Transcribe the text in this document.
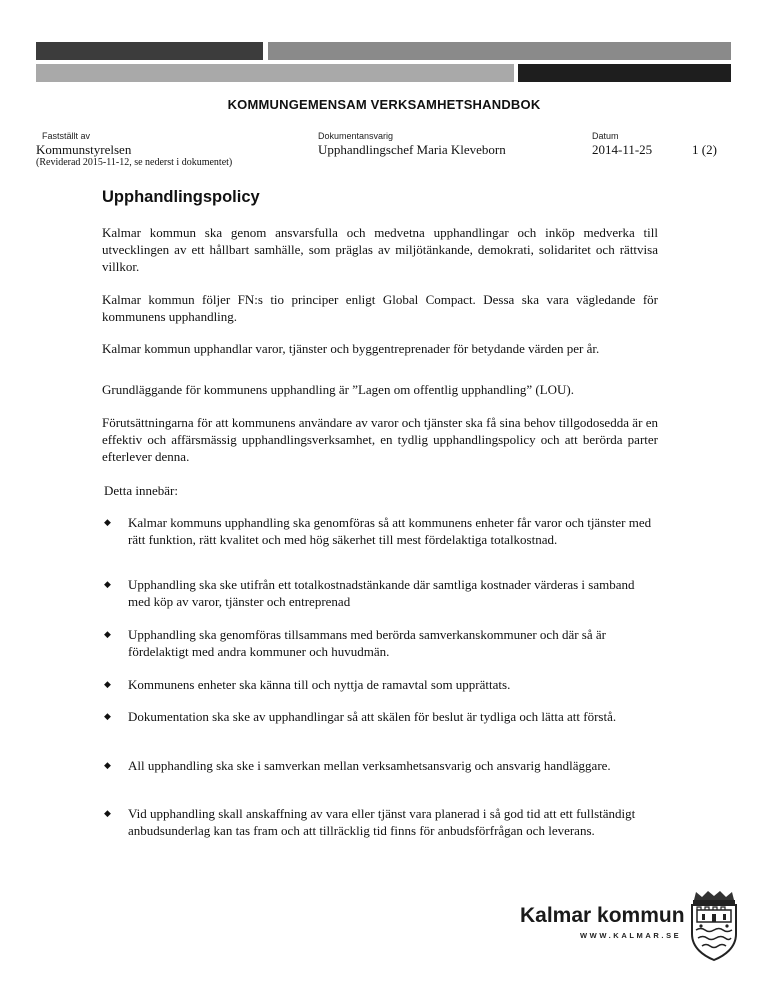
KOMMUNGEMENSAM VERKSAMHETSHANDBOK
Fastställt av
Kommunstyrelsen
(Reviderad 2015-11-12, se nederst i dokumentet)
Dokumentansvarig
Upphandlingschef Maria Kleveborn
Datum
2014-11-25	1 (2)
Upphandlingspolicy

Kalmar kommun ska genom ansvarsfulla och medvetna upphandlingar och inköp medverka till utvecklingen av ett hållbart samhälle, som präglas av miljötänkande, demokrati, solidaritet och rättvisa villkor.

Kalmar kommun följer FN:s tio principer enligt Global Compact. Dessa ska vara vägledande för kommunens upphandling.

Kalmar kommun upphandlar varor, tjänster och byggentreprenader för betydande värden per år.

Grundläggande för kommunens upphandling är ”Lagen om offentlig upphandling” (LOU).

Förutsättningarna för att kommunens användare av varor och tjänster ska få sina behov tillgodosedda är en effektiv och affärsmässig upphandlingsverksamhet, en tydlig upphandlingspolicy och att berörda parter efterlever denna.

Detta innebär:

◆ Kalmar kommuns upphandling ska genomföras så att kommunens enheter får varor och tjänster med rätt funktion, rätt kvalitet och med hög säkerhet till mest fördelaktiga totalkostnad.
◆ Upphandling ska ske utifrån ett totalkostnadstänkande där samtliga kostnader värderas i samband med köp av varor, tjänster och entreprenad
◆ Upphandling ska genomföras tillsammans med berörda samverkanskommuner och där så är fördelaktigt med andra kommuner och huvudmän.
◆ Kommunens enheter ska känna till och nyttja de ramavtal som upprättats.
◆ Dokumentation ska ske av upphandlingar så att skälen för beslut är tydliga och lätta att förstå.
◆ All upphandling ska ske i samverkan mellan verksamhetsansvarig och ansvarig handläggare.
◆ Vid upphandling skall anskaffning av vara eller tjänst vara planerad i så god tid att ett fullständigt anbudsunderlag kan tas fram och att tillräcklig tid finns för anbudsförfrågan och leverans.
Kalmar kommun
WWW.KALMAR.SE
